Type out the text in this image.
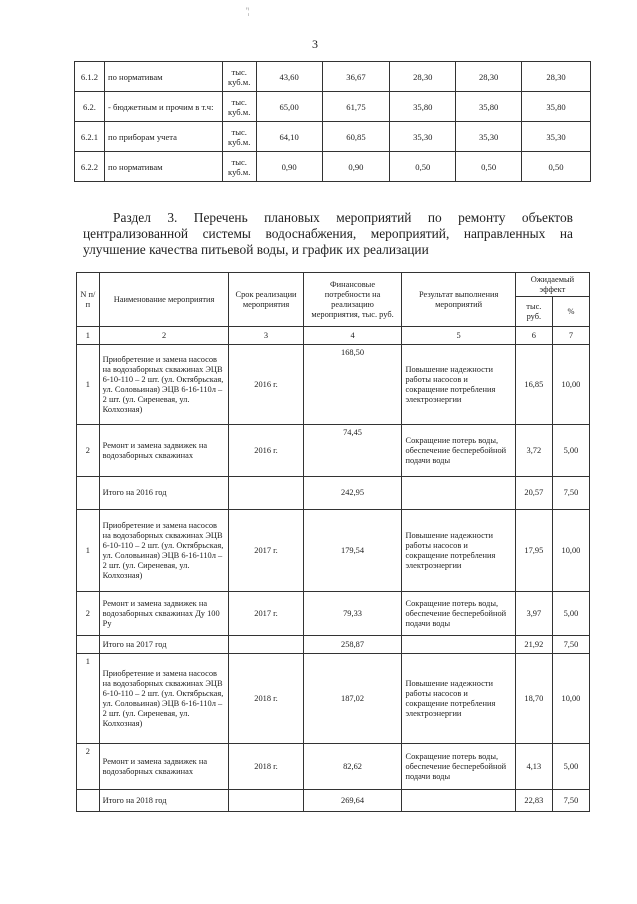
'¦
3
6.1.2	по нормативам	тыс. куб.м.	43,60	36,67	28,30	28,30	28,30
6.2.	- бюджетным и прочим в т.ч:	тыс. куб.м.	65,00	61,75	35,80	35,80	35,80
6.2.1	по приборам учета	тыс. куб.м.	64,10	60,85	35,30	35,30	35,30
6.2.2	по нормативам	тыс. куб.м.	0,90	0,90	0,50	0,50	0,50
Раздел 3. Перечень плановых мероприятий по ремонту объектов
централизованной системы водоснабжения, мероприятий, направленных на
улучшение качества питьевой воды, и график их реализации
N п/п	Наименование мероприятия	Срок реализации мероприятия	Финансовые потребности на реализацию мероприятия, тыс. руб.	Результат выполнения мероприятий	Ожидаемый эффект	
					тыс. руб.	%
1	2	3	4	5	6	7
1	Приобретение и замена насосов на водозаборных скважинах ЭЦВ 6-10-110 – 2 шт. (ул. Октябрьская, ул. Соловьиная) ЭЦВ 6-16-110л – 2 шт. (ул. Сиреневая, ул. Колхозная)	2016 г.	168,50	Повышение надежности работы насосов и сокращение потребления электроэнергии	16,85	10,00
2	Ремонт и замена задвижек на водозаборных скважинах	2016 г.	74,45	Сокращение потерь воды, обеспечение бесперебойной подачи воды	3,72	5,00
	Итого на 2016 год		242,95		20,57	7,50
1	Приобретение и замена насосов на водозаборных скважинах ЭЦВ 6-10-110 – 2 шт. (ул. Октябрьская, ул. Соловьиная) ЭЦВ 6-16-110л – 2 шт. (ул. Сиреневая, ул. Колхозная)	2017 г.	179,54	Повышение надежности работы насосов и сокращение потребления электроэнергии	17,95	10,00
2	Ремонт и замена задвижек на водозаборных скважинах Ду 100 Ру	2017 г.	79,33	Сокращение потерь воды, обеспечение бесперебойной подачи воды	3,97	5,00
	Итого на 2017 год		258,87		21,92	7,50
1	Приобретение и замена насосов на водозаборных скважинах ЭЦВ 6-10-110 – 2 шт. (ул. Октябрьская, ул. Соловьиная) ЭЦВ 6-16-110л – 2 шт. (ул. Сиреневая, ул. Колхозная)	2018 г.	187,02	Повышение надежности работы насосов и сокращение потребления электроэнергии	18,70	10,00
2	Ремонт и замена задвижек на водозаборных скважинах	2018 г.	82,62	Сокращение потерь воды, обеспечение бесперебойной подачи воды	4,13	5,00
	Итого на 2018 год		269,64		22,83	7,50
